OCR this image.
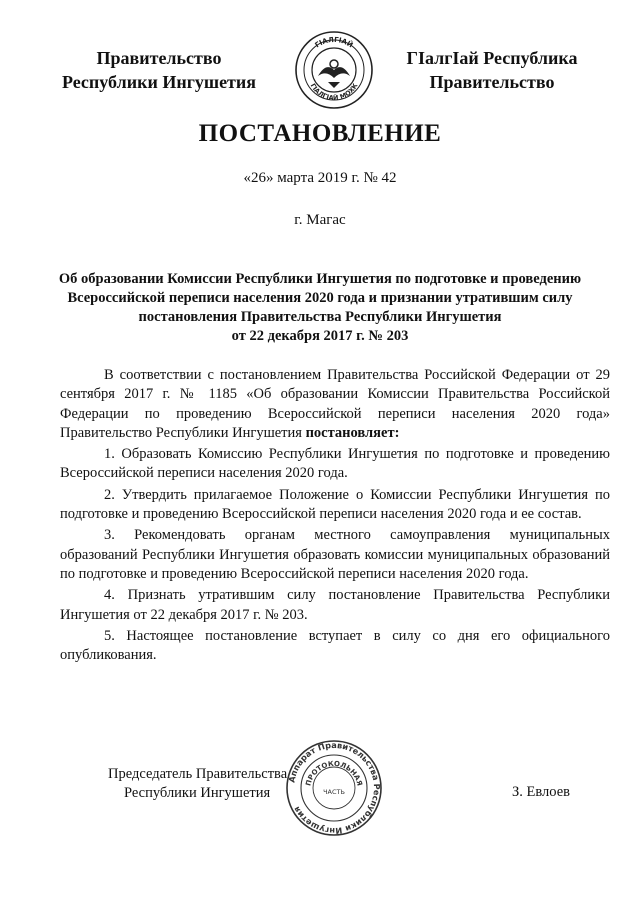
Правительство
Республики Ингушетия
ГӀАЛГӀАЙ
ГӀАЛГӀАЙ МОХК
ГӀалгӀай Республика
Правительство
ПОСТАНОВЛЕНИЕ
«26» марта 2019 г. № 42
г. Магас
Об образовании Комиссии Республики Ингушетия по подготовке и проведению
Всероссийской переписи населения 2020 года и признании утратившим силу
постановления Правительства Республики Ингушетия
от 22 декабря 2017 г. № 203

В соответствии с постановлением Правительства Российской Федерации от 29 сентября 2017 г. № 1185 «Об образовании Комиссии Правительства Российской Федерации по проведению Всероссийской переписи населения 2020 года» Правительство Республики Ингушетия постановляет:

1. Образовать Комиссию Республики Ингушетия по подготовке и проведению Всероссийской переписи населения 2020 года.

2. Утвердить прилагаемое Положение о Комиссии Республики Ингушетия по подготовке и проведению Всероссийской переписи населения 2020 года и ее состав.

3. Рекомендовать органам местного самоуправления муниципальных образований Республики Ингушетия образовать комиссии муниципальных образований по подготовке и проведению Всероссийской переписи населения 2020 года.

4. Признать утратившим силу постановление Правительства Республики Ингушетия от 22 декабря 2017 г. № 203.

5. Настоящее постановление вступает в силу со дня его официального опубликования.

Председатель Правительства
Республики Ингушетия
Аппарат Правительства Республики Ингушетия
ПРОТОКОЛЬНАЯ
ЧАСТЬ	З. Евлоев
